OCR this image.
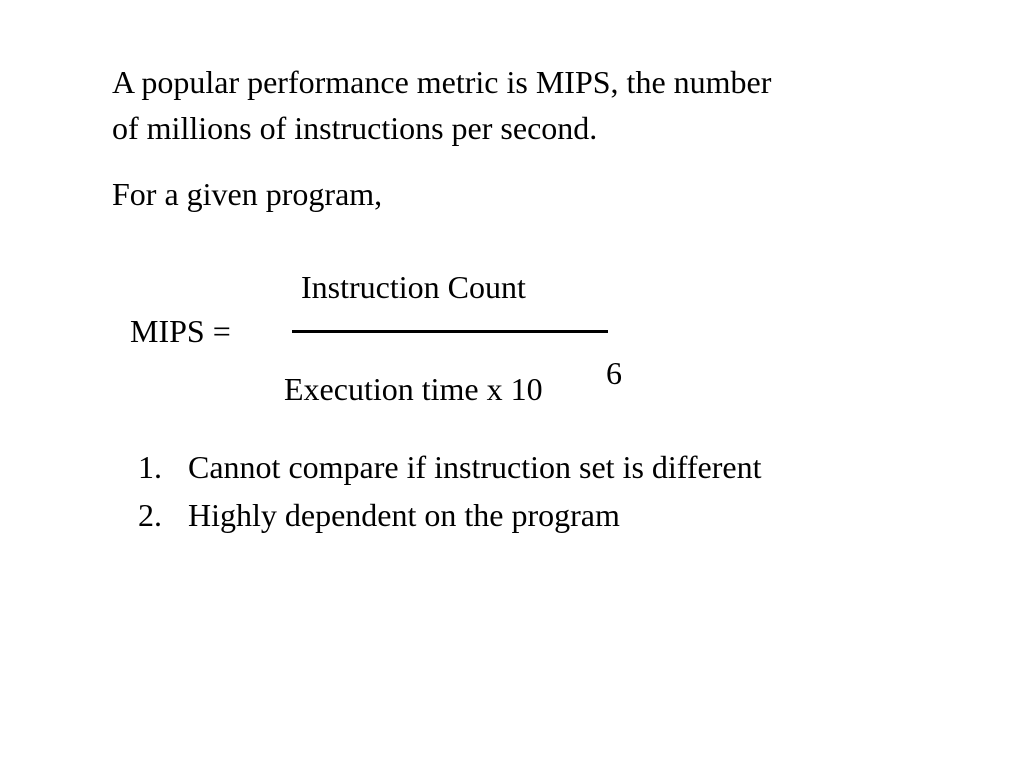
A popular performance metric is MIPS, the number
of millions of instructions per second.

For a given program,

MIPS =
Instruction Count
Execution time x 10 6
1. Cannot compare if instruction set is different
2. Highly dependent on the program
